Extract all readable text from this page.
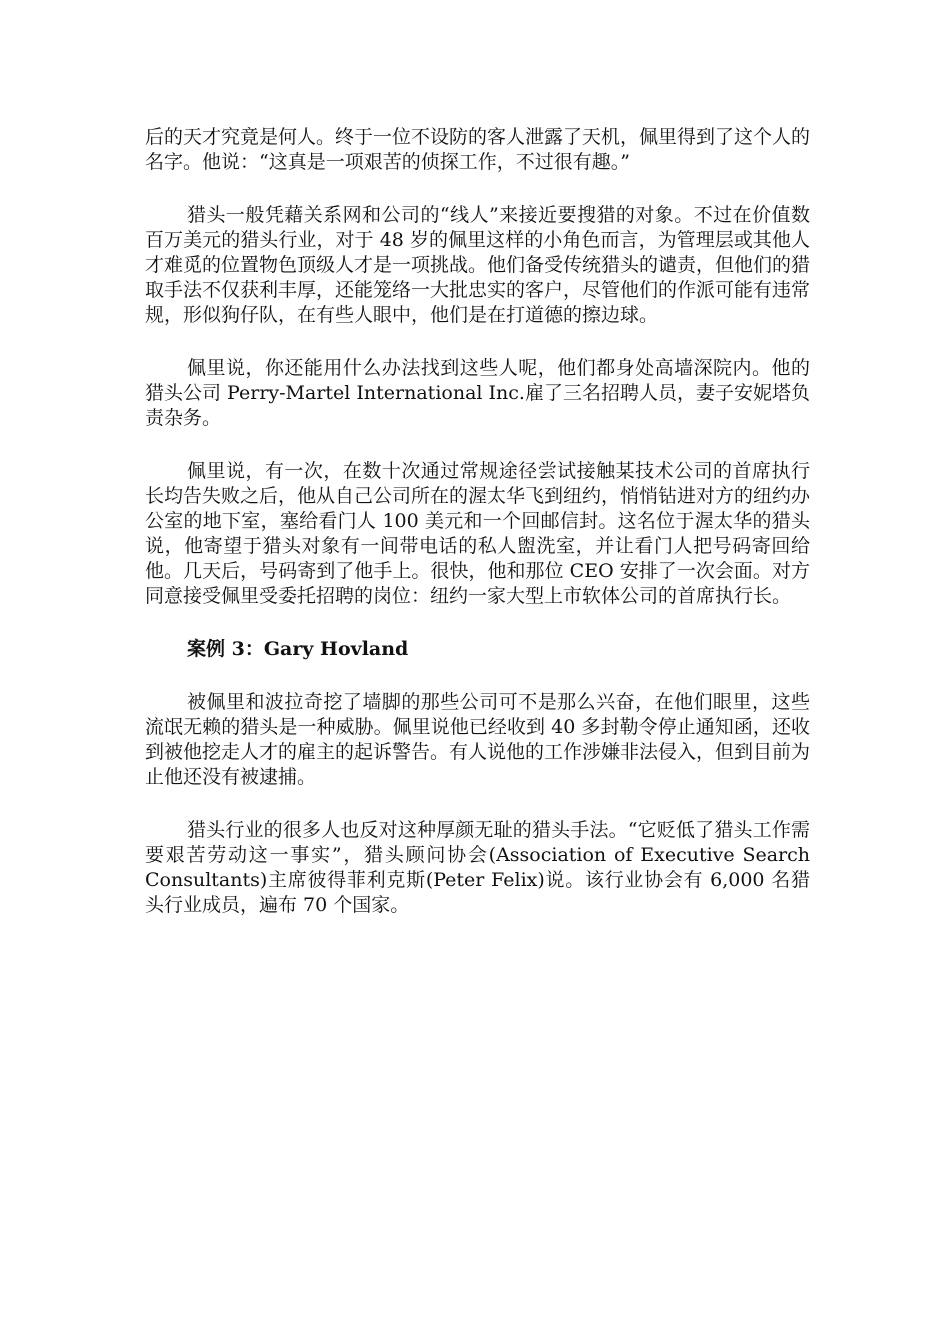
后的天才究竟是何人。终于一位不设防的客人泄露了天机，佩里得到了这个人的名字。他说：“这真是一项艰苦的侦探工作，不过很有趣。”

猎头一般凭藉关系网和公司的“线人”来接近要搜猎的对象。不过在价值数百万美元的猎头行业，对于 48 岁的佩里这样的小角色而言，为管理层或其他人才难觅的位置物色顶级人才是一项挑战。他们备受传统猎头的谴责，但他们的猎取手法不仅获利丰厚，还能笼络一大批忠实的客户，尽管他们的作派可能有违常规，形似狗仔队，在有些人眼中，他们是在打道德的擦边球。

佩里说，你还能用什么办法找到这些人呢，他们都身处高墙深院内。他的猎头公司 Perry-Martel International Inc.雇了三名招聘人员，妻子安妮塔负责杂务。

佩里说，有一次，在数十次通过常规途径尝试接触某技术公司的首席执行长均告失败之后，他从自己公司所在的渥太华飞到纽约，悄悄钻进对方的纽约办公室的地下室，塞给看门人 100 美元和一个回邮信封。这名位于渥太华的猎头说，他寄望于猎头对象有一间带电话的私人盥洗室，并让看门人把号码寄回给他。几天后，号码寄到了他手上。很快，他和那位 CEO 安排了一次会面。对方同意接受佩里受委托招聘的岗位：纽约一家大型上市软体公司的首席执行长。

案例 3：Gary Hovland

被佩里和波拉奇挖了墙脚的那些公司可不是那么兴奋，在他们眼里，这些流氓无赖的猎头是一种威胁。佩里说他已经收到 40 多封勒令停止通知函，还收到被他挖走人才的雇主的起诉警告。有人说他的工作涉嫌非法侵入，但到目前为止他还没有被逮捕。

猎头行业的很多人也反对这种厚颜无耻的猎头手法。“它贬低了猎头工作需要艰苦劳动这一事实”，猎头顾问协会(Association of Executive Search Consultants)主席彼得菲利克斯(Peter Felix)说。该行业协会有 6,000 名猎头行业成员，遍布 70 个国家。
